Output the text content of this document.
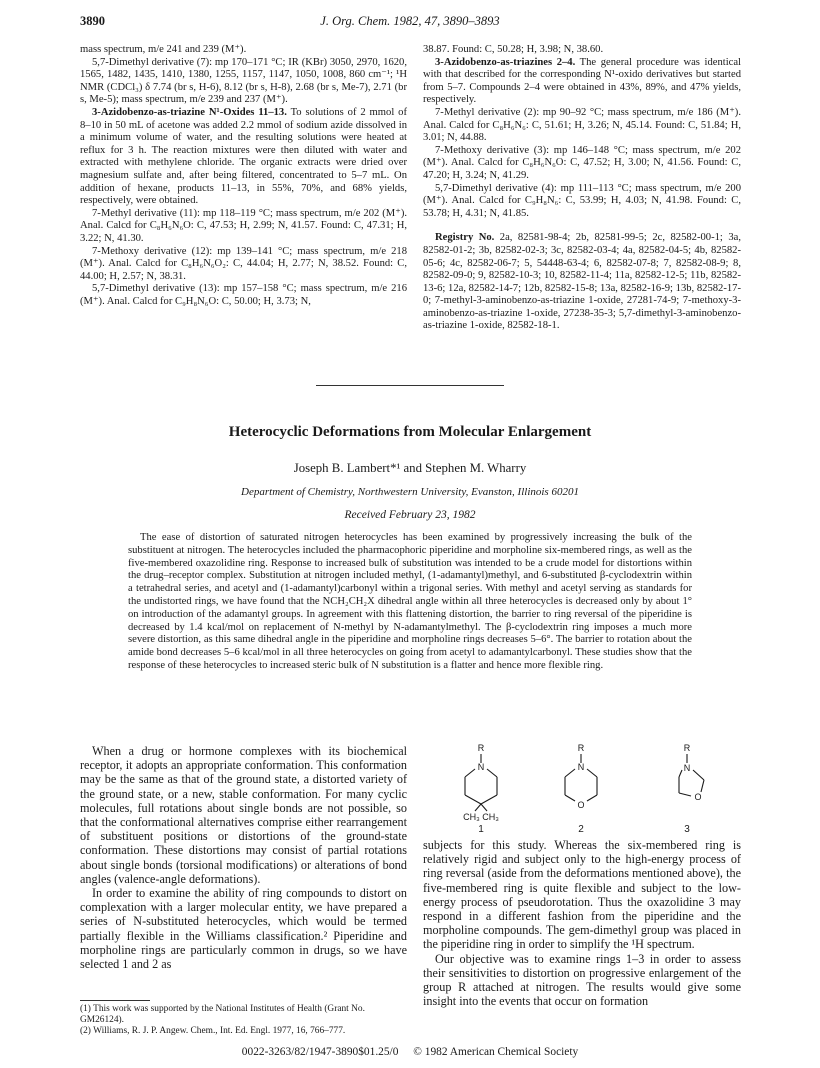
3890	J. Org. Chem. 1982, 47, 3890–3893

mass spectrum, m/e 241 and 239 (M⁺).

5,7-Dimethyl derivative (7): mp 170–171 °C; IR (KBr) 3050, 2970, 1620, 1565, 1482, 1435, 1410, 1380, 1255, 1157, 1147, 1050, 1008, 860 cm⁻¹; ¹H NMR (CDCl₃) δ 7.74 (br s, H-6), 8.12 (br s, H-8), 2.68 (br s, Me-7), 2.71 (br s, Me-5); mass spectrum, m/e 239 and 237 (M⁺).

3-Azidobenzo-as-triazine N¹-Oxides 11–13. To solutions of 2 mmol of 8–10 in 50 mL of acetone was added 2.2 mmol of sodium azide dissolved in a minimum volume of water, and the resulting solutions were heated at reflux for 3 h. The reaction mixtures were then diluted with water and extracted with methylene chloride. The organic extracts were dried over magnesium sulfate and, after being filtered, concentrated to 5–7 mL. On addition of hexane, products 11–13, in 55%, 70%, and 68% yields, respectively, were obtained.

7-Methyl derivative (11): mp 118–119 °C; mass spectrum, m/e 202 (M⁺). Anal. Calcd for C₈H₆N₆O: C, 47.53; H, 2.99; N, 41.57. Found: C, 47.31; H, 3.22; N, 41.30.

7-Methoxy derivative (12): mp 139–141 °C; mass spectrum, m/e 218 (M⁺). Anal. Calcd for C₈H₆N₆O₂: C, 44.04; H, 2.77; N, 38.52. Found: C, 44.00; H, 2.57; N, 38.31.

5,7-Dimethyl derivative (13): mp 157–158 °C; mass spectrum, m/e 216 (M⁺). Anal. Calcd for C₉H₈N₆O: C, 50.00; H, 3.73; N,

38.87. Found: C, 50.28; H, 3.98; N, 38.60.

3-Azidobenzo-as-triazines 2–4. The general procedure was identical with that described for the corresponding N¹-oxido derivatives but started from 5–7. Compounds 2–4 were obtained in 43%, 89%, and 47% yields, respectively.

7-Methyl derivative (2): mp 90–92 °C; mass spectrum, m/e 186 (M⁺). Anal. Calcd for C₈H₆N₆: C, 51.61; H, 3.26; N, 45.14. Found: C, 51.84; H, 3.01; N, 44.88.

7-Methoxy derivative (3): mp 146–148 °C; mass spectrum, m/e 202 (M⁺). Anal. Calcd for C₈H₆N₆O: C, 47.52; H, 3.00; N, 41.56. Found: C, 47.20; H, 3.24; N, 41.29.

5,7-Dimethyl derivative (4): mp 111–113 °C; mass spectrum, m/e 200 (M⁺). Anal. Calcd for C₉H₈N₆: C, 53.99; H, 4.03; N, 41.98. Found: C, 53.78; H, 4.31; N, 41.85.

Registry No. 2a, 82581-98-4; 2b, 82581-99-5; 2c, 82582-00-1; 3a, 82582-01-2; 3b, 82582-02-3; 3c, 82582-03-4; 4a, 82582-04-5; 4b, 82582-05-6; 4c, 82582-06-7; 5, 54448-63-4; 6, 82582-07-8; 7, 82582-08-9; 8, 82582-09-0; 9, 82582-10-3; 10, 82582-11-4; 11a, 82582-12-5; 11b, 82582-13-6; 12a, 82582-14-7; 12b, 82582-15-8; 13a, 82582-16-9; 13b, 82582-17-0; 7-methyl-3-aminobenzo-as-triazine 1-oxide, 27281-74-9; 7-methoxy-3-aminobenzo-as-triazine 1-oxide, 27238-35-3; 5,7-dimethyl-3-aminobenzo-as-triazine 1-oxide, 82582-18-1.

Heterocyclic Deformations from Molecular Enlargement
Joseph B. Lambert*¹ and Stephen M. Wharry
Department of Chemistry, Northwestern University, Evanston, Illinois 60201
Received February 23, 1982

The ease of distortion of saturated nitrogen heterocycles has been examined by progressively increasing the bulk of the substituent at nitrogen. The heterocycles included the pharmacophoric piperidine and morpholine six-membered rings, as well as the five-membered oxazolidine ring. Response to increased bulk of substitution was intended to be a crude model for distortions within the drug–receptor complex. Substitution at nitrogen included methyl, (1-adamantyl)methyl, and 6-substituted β-cyclodextrin within a tetrahedral series, and acetyl and (1-adamantyl)carbonyl within a trigonal series. With methyl and acetyl serving as standards for the undistorted rings, we have found that the NCH₂CH₂X dihedral angle within all three heterocycles is decreased only by about 1° on introduction of the adamantyl groups. In agreement with this flattening distortion, the barrier to ring reversal of the piperidine is decreased by 1.4 kcal/mol on replacement of N-methyl by N-adamantylmethyl. The β-cyclodextrin ring imposes a much more severe distortion, as this same dihedral angle in the piperidine and morpholine rings decreases 5–6°. The barrier to rotation about the amide bond decreases 5–6 kcal/mol in all three heterocycles on going from acetyl to adamantylcarbonyl. These studies show that the response of these heterocycles to increased steric bulk of N substitution is a flatter and hence more flexible ring.

When a drug or hormone complexes with its biochemical receptor, it adopts an appropriate conformation. This conformation may be the same as that of the ground state, a distorted variety of the ground state, or a new, stable conformation. For many cyclic molecules, full rotations about single bonds are not possible, so that the conformational alternatives comprise either rearrangement of substituent positions or distortions of the ground-state conformation. These distortions may consist of partial rotations about single bonds (torsional modifications) or alterations of bond angles (valence-angle deformations).

In order to examine the ability of ring compounds to distort on complexation with a larger molecular entity, we have prepared a series of N-substituted heterocycles, which would be termed partially flexible in the Williams classification.² Piperidine and morpholine rings are particularly common in drugs, so we have selected 1 and 2 as

R
N
CH₃ CH₃
1
R
N
O
2
R
N
O
3

subjects for this study. Whereas the six-membered ring is relatively rigid and subject only to the high-energy process of ring reversal (aside from the deformations mentioned above), the five-membered ring is quite flexible and subject to the low-energy process of pseudorotation. Thus the oxazolidine 3 may respond in a different fashion from the piperidine and the morpholine compounds. The gem-dimethyl group was placed in the piperidine ring in order to simplify the ¹H spectrum.

Our objective was to examine rings 1–3 in order to assess their sensitivities to distortion on progressive enlargement of the group R attached at nitrogen. The results would give some insight into the events that occur on formation

(1) This work was supported by the National Institutes of Health (Grant No. GM26124).

(2) Williams, R. J. P. Angew. Chem., Int. Ed. Engl. 1977, 16, 766–777.

0022-3263/82/1947-3890$01.25/0 © 1982 American Chemical Society
